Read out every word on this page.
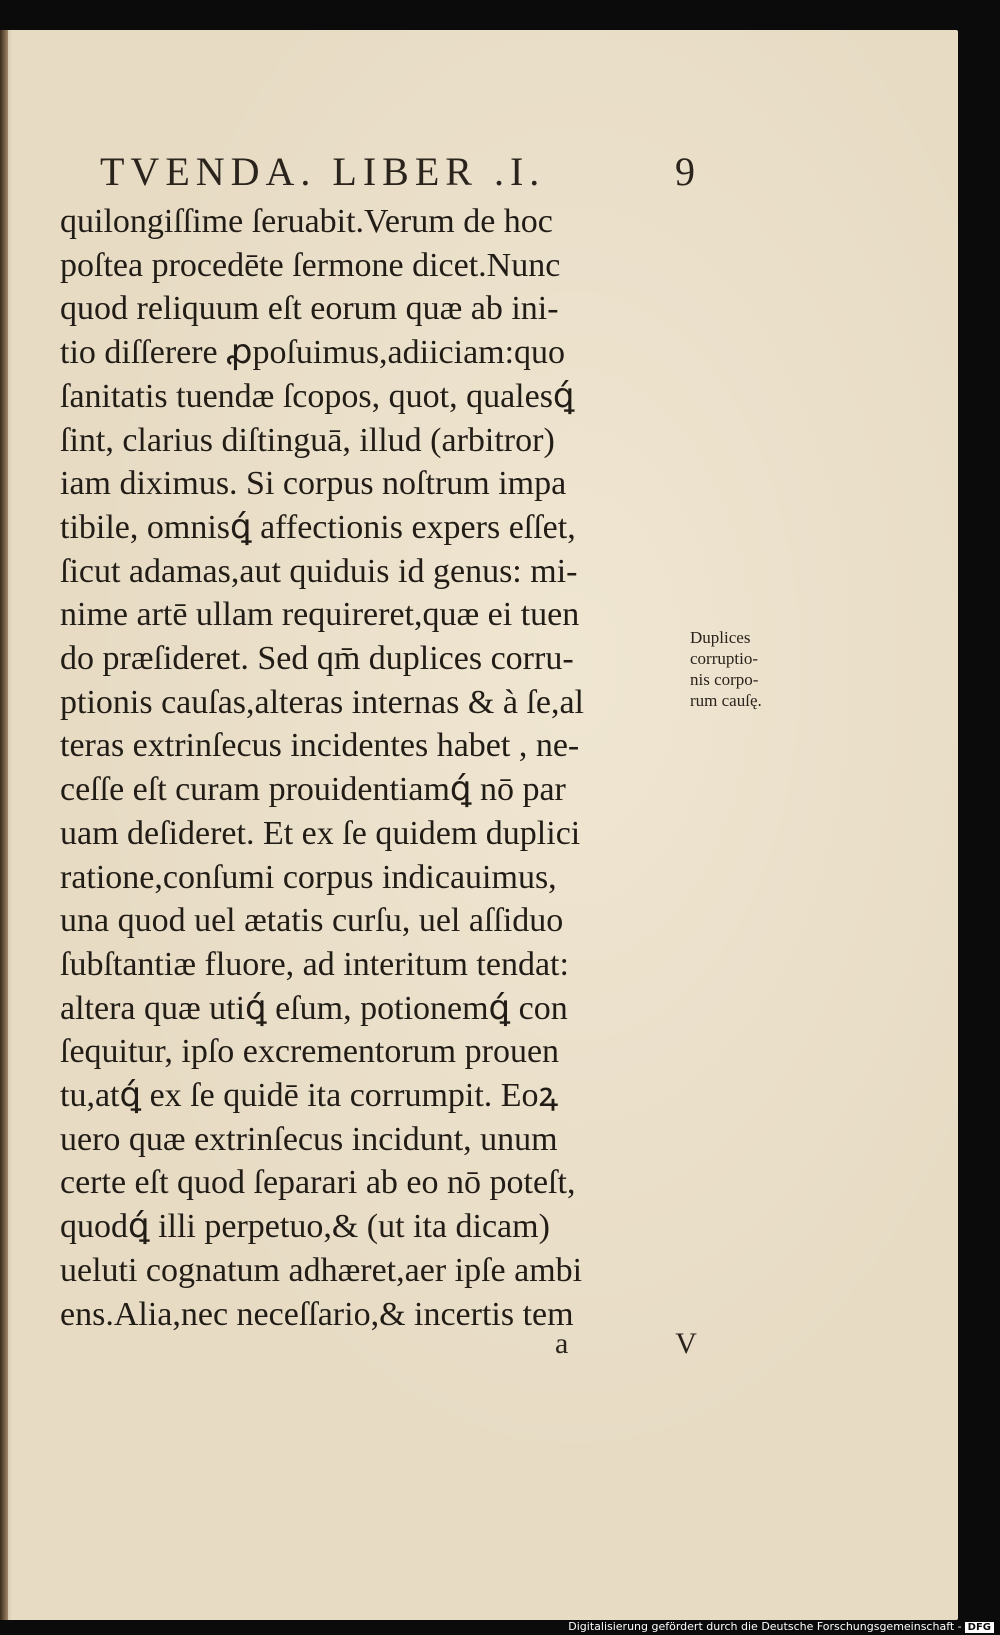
TVENDA. LIBER .I.	9
quilongiſſime ſeruabit.Verum de hoc
poſtea procedēte ſermone dicet.Nunc
quod reliquum eſt eorum quæ ab ini-
tio diſſerere ꝓpoſuimus,adiiciam:quo
ſanitatis tuendæ ſcopos, quot, qualesꝗ́
ſint, clarius diſtinguā, illud (arbitror)
iam diximus. Si corpus noſtrum impa
tibile, omnisꝗ́ affectionis expers eſſet,
ſicut adamas,aut quiduis id genus: mi-
nime artē ullam requireret,quæ ei tuen
do præſideret. Sed qm̄ duplices corru-
ptionis cauſas,alteras internas & à ſe,al
teras extrinſecus incidentes habet , ne-
ceſſe eſt curam prouidentiamꝗ́ nō par
uam deſideret. Et ex ſe quidem duplici
ratione,conſumi corpus indicauimus,
una quod uel ætatis curſu, uel aſſiduo
ſubſtantiæ fluore, ad interitum tendat:
altera quæ utiꝗ́ eſum, potionemꝗ́ con
ſequitur, ipſo excrementorum prouen
tu,atꝗ́ ex ſe quidē ita corrumpit. Eoꝝ
uero quæ extrinſecus incidunt, unum
certe eſt quod ſeparari ab eo nō poteſt,
quodꝗ́ illi perpetuo,& (ut ita dicam)
ueluti cognatum adhæret,aer ipſe ambi
ens.Alia,nec neceſſario,& incertis tem
Duplices
corruptio-
nis corpo-
rum cauſę.
a V
Digitalisierung gefördert durch die Deutsche Forschungsgemeinschaft - DFG
